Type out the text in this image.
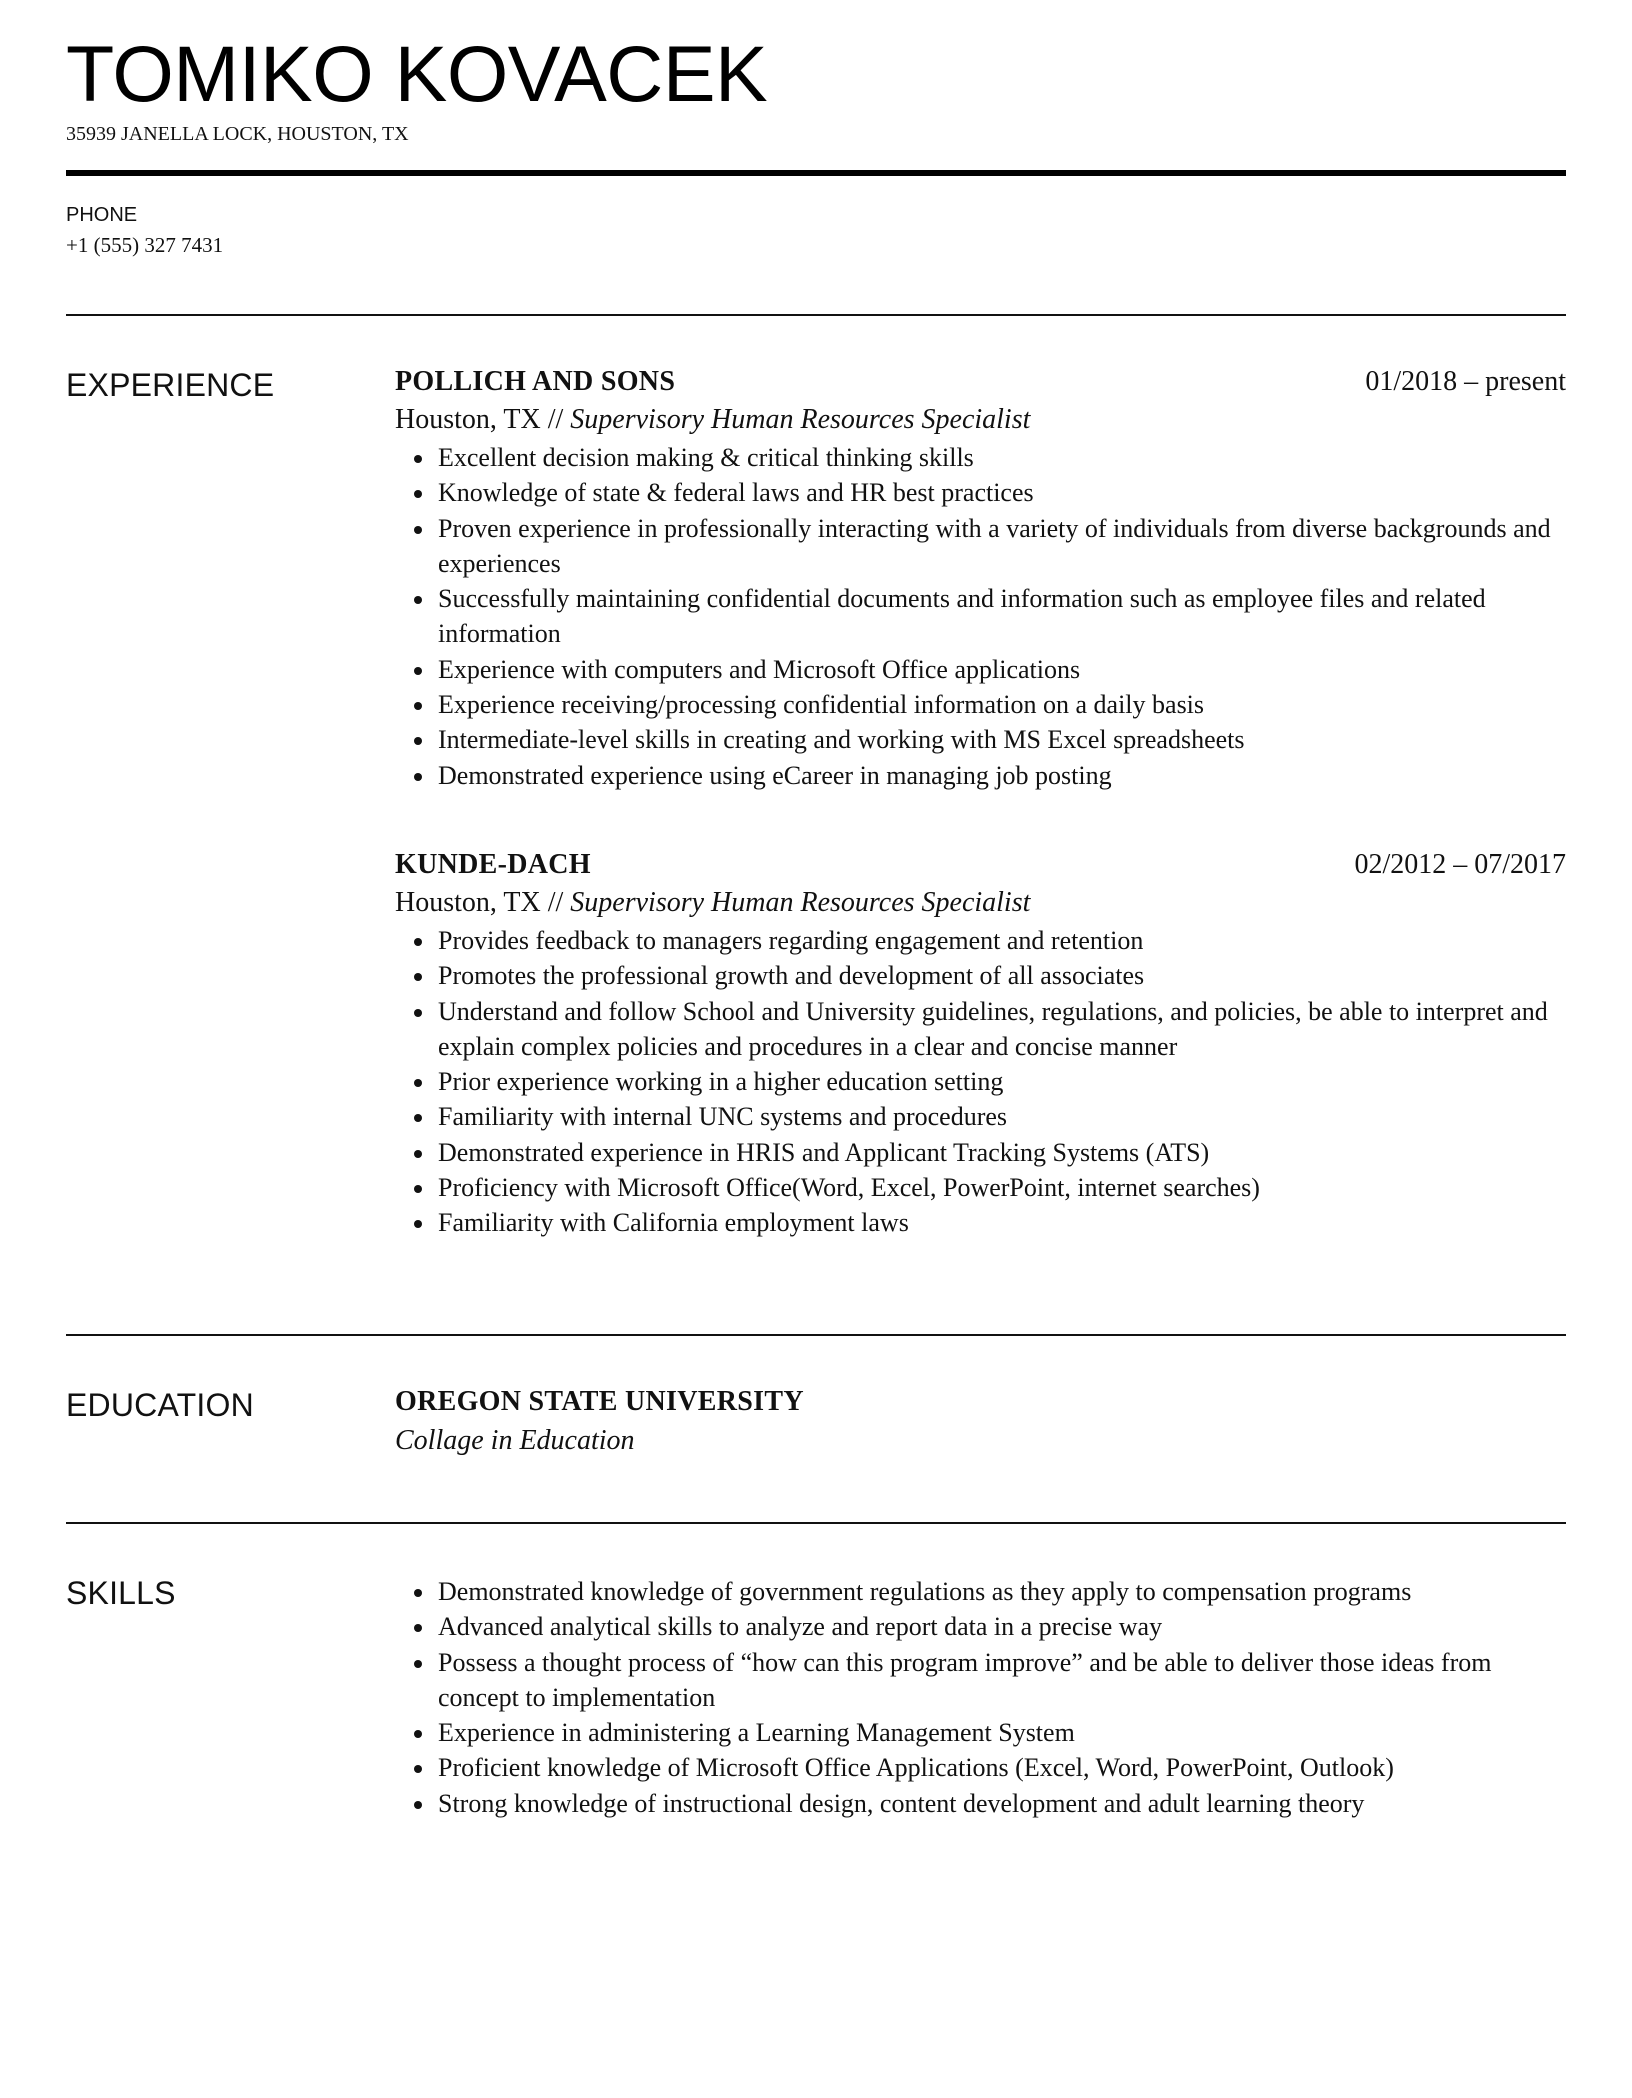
TOMIKO KOVACEK
35939 JANELLA LOCK, HOUSTON, TX
PHONE
+1 (555) 327 7431
EXPERIENCE	POLLICH AND SONS	01/2018 – present
Houston, TX // Supervisory Human Resources Specialist
Excellent decision making & critical thinking skills
Knowledge of state & federal laws and HR best practices
Proven experience in professionally interacting with a variety of individuals from diverse backgrounds and experiences
Successfully maintaining confidential documents and information such as employee files and related information
Experience with computers and Microsoft Office applications
Experience receiving/processing confidential information on a daily basis
Intermediate-level skills in creating and working with MS Excel spreadsheets
Demonstrated experience using eCareer in managing job posting
KUNDE-DACH	02/2012 – 07/2017
Houston, TX // Supervisory Human Resources Specialist
Provides feedback to managers regarding engagement and retention
Promotes the professional growth and development of all associates
Understand and follow School and University guidelines, regulations, and policies, be able to interpret and explain complex policies and procedures in a clear and concise manner
Prior experience working in a higher education setting
Familiarity with internal UNC systems and procedures
Demonstrated experience in HRIS and Applicant Tracking Systems (ATS)
Proficiency with Microsoft Office(Word, Excel, PowerPoint, internet searches)
Familiarity with California employment laws
EDUCATION	OREGON STATE UNIVERSITY
Collage in Education
SKILLS	Demonstrated knowledge of government regulations as they apply to compensation programs
Advanced analytical skills to analyze and report data in a precise way
Possess a thought process of “how can this program improve” and be able to deliver those ideas from concept to implementation
Experience in administering a Learning Management System
Proficient knowledge of Microsoft Office Applications (Excel, Word, PowerPoint, Outlook)
Strong knowledge of instructional design, content development and adult learning theory
